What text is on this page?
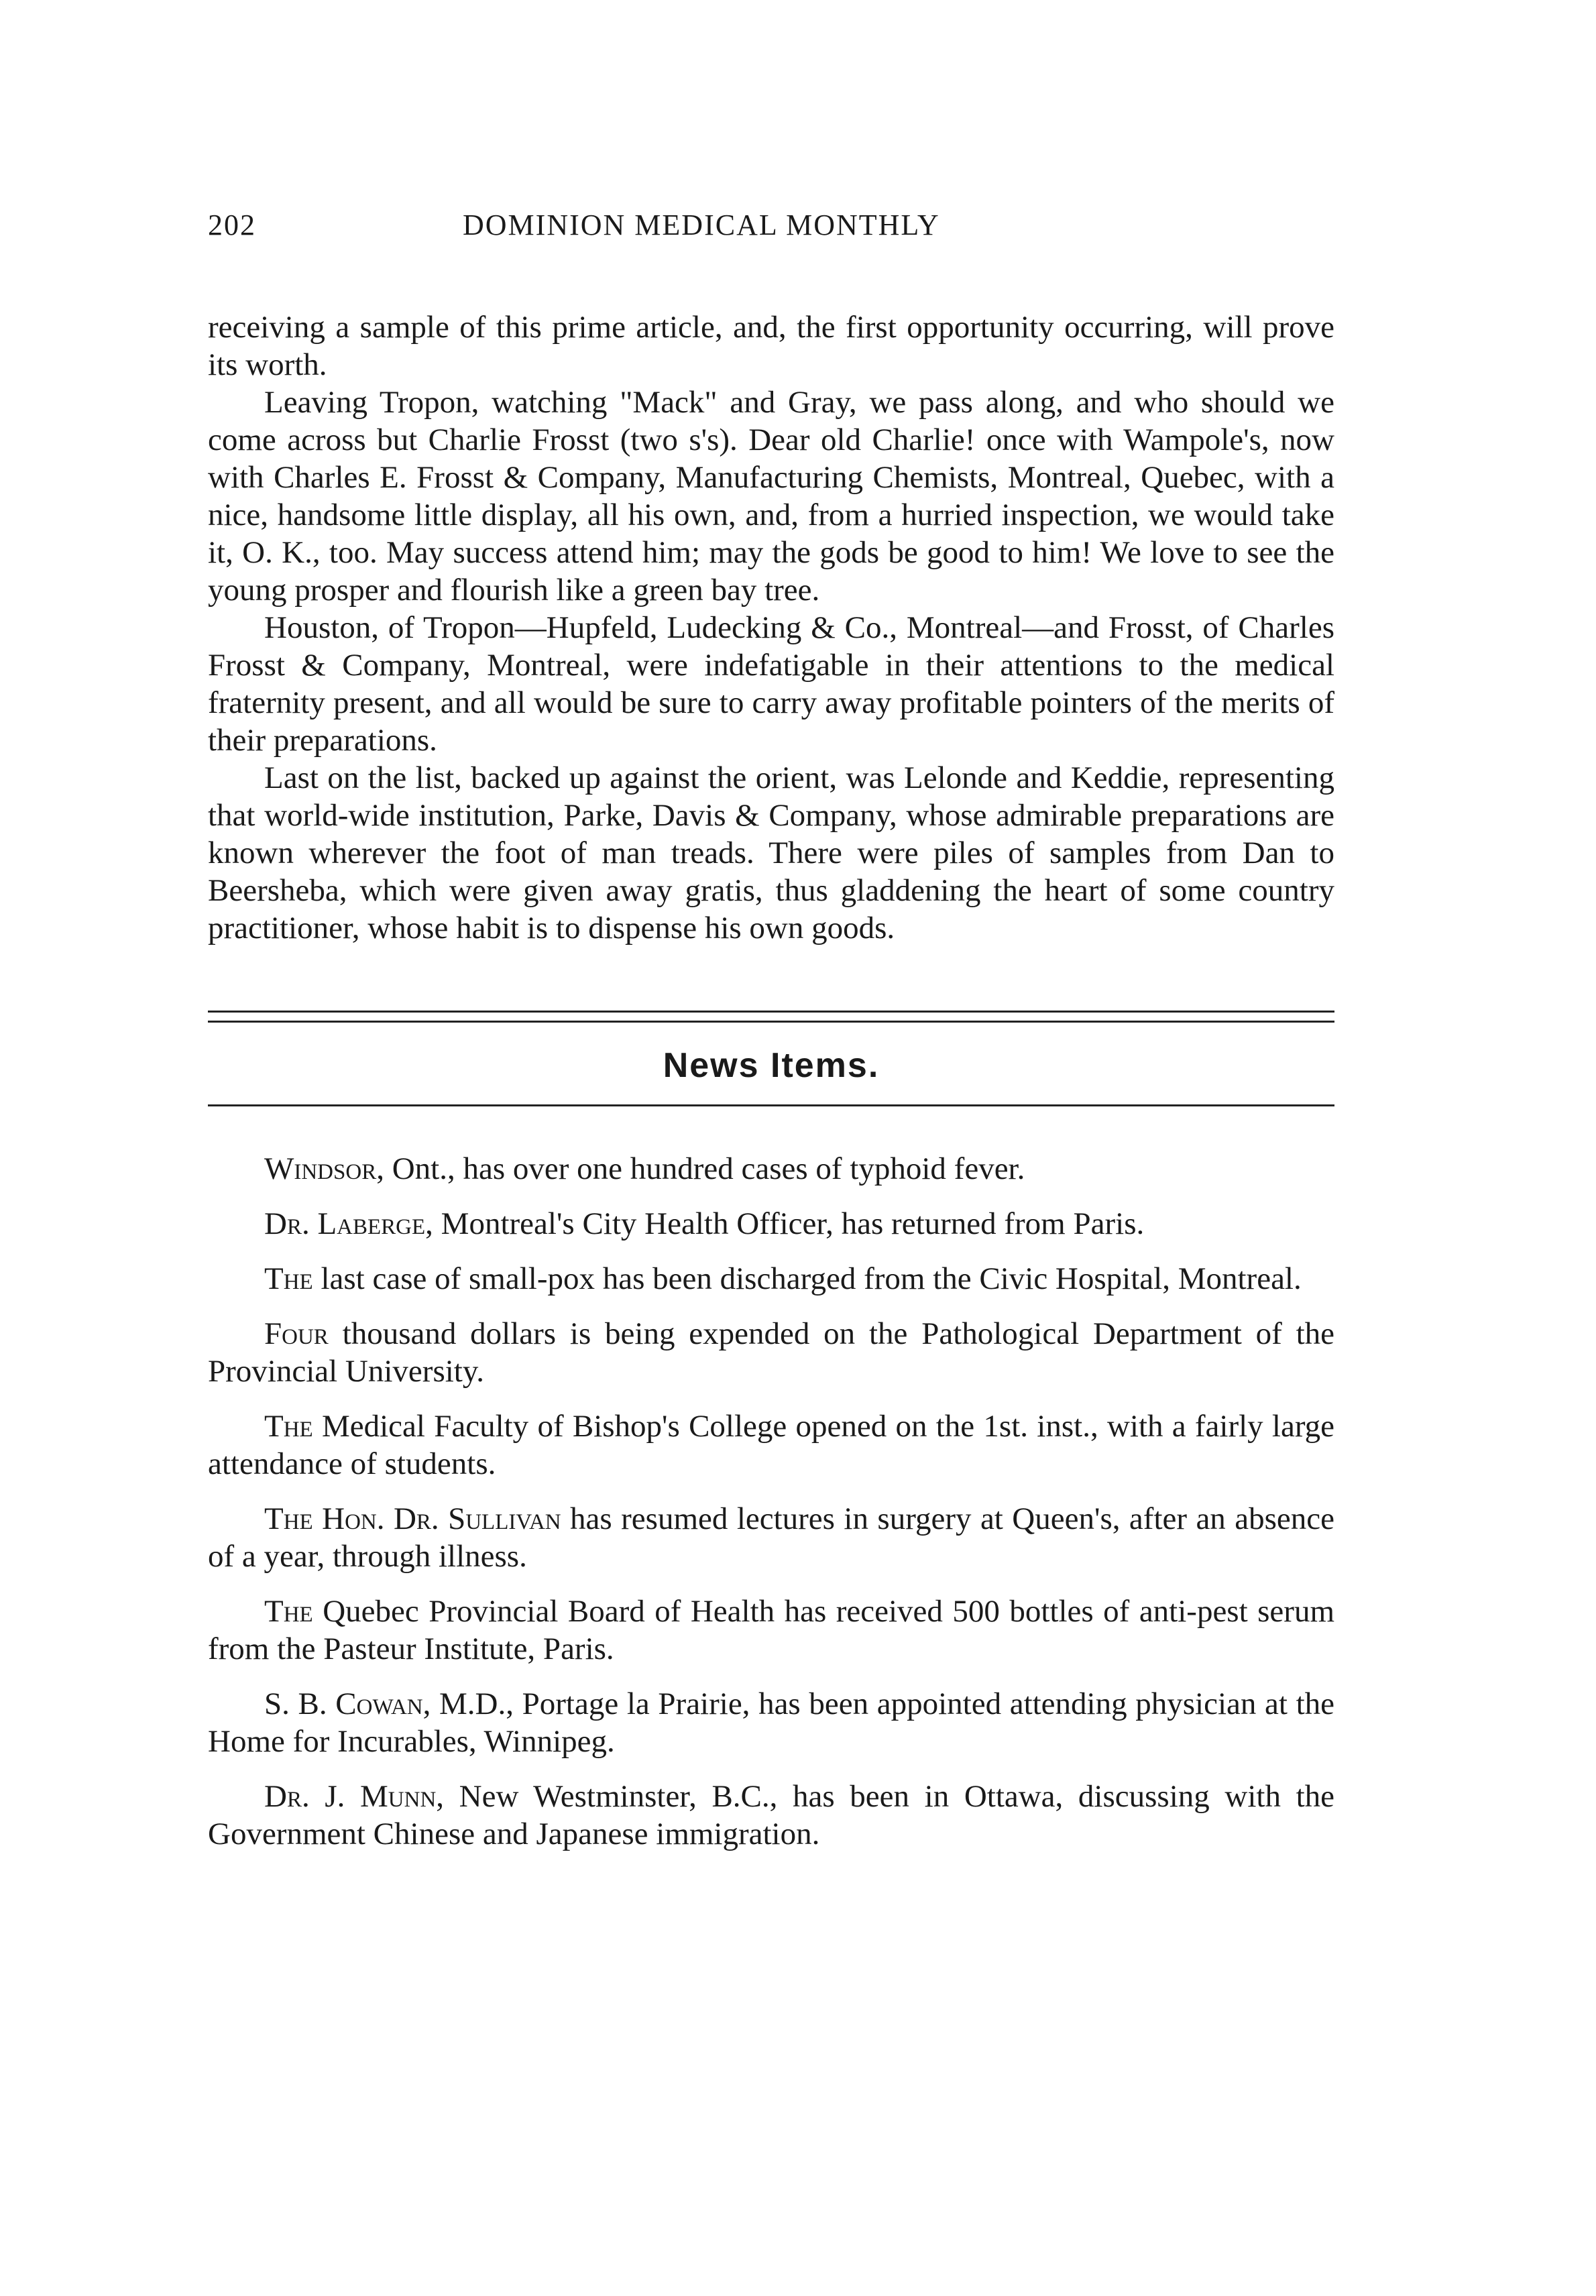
202	DOMINION MEDICAL MONTHLY

receiving a sample of this prime article, and, the first opportunity occurring, will prove its worth.

Leaving Tropon, watching "Mack" and Gray, we pass along, and who should we come across but Charlie Frosst (two s's). Dear old Charlie! once with Wampole's, now with Charles E. Frosst & Company, Manufacturing Chemists, Montreal, Quebec, with a nice, handsome little display, all his own, and, from a hurried inspection, we would take it, O. K., too. May success attend him; may the gods be good to him! We love to see the young prosper and flourish like a green bay tree.

Houston, of Tropon—Hupfeld, Ludecking & Co., Montreal—and Frosst, of Charles Frosst & Company, Montreal, were indefatigable in their attentions to the medical fraternity present, and all would be sure to carry away profitable pointers of the merits of their preparations.

Last on the list, backed up against the orient, was Lelonde and Keddie, representing that world-wide institution, Parke, Davis & Company, whose admirable preparations are known wherever the foot of man treads. There were piles of samples from Dan to Beersheba, which were given away gratis, thus gladdening the heart of some country practitioner, whose habit is to dispense his own goods.

News Items.

Windsor, Ont., has over one hundred cases of typhoid fever.

Dr. Laberge, Montreal's City Health Officer, has returned from Paris.

The last case of small-pox has been discharged from the Civic Hospital, Montreal.

Four thousand dollars is being expended on the Pathological Department of the Provincial University.

The Medical Faculty of Bishop's College opened on the 1st. inst., with a fairly large attendance of students.

The Hon. Dr. Sullivan has resumed lectures in surgery at Queen's, after an absence of a year, through illness.

The Quebec Provincial Board of Health has received 500 bottles of anti-pest serum from the Pasteur Institute, Paris.

S. B. Cowan, M.D., Portage la Prairie, has been appointed attending physician at the Home for Incurables, Winnipeg.

Dr. J. Munn, New Westminster, B.C., has been in Ottawa, discussing with the Government Chinese and Japanese immigration.
